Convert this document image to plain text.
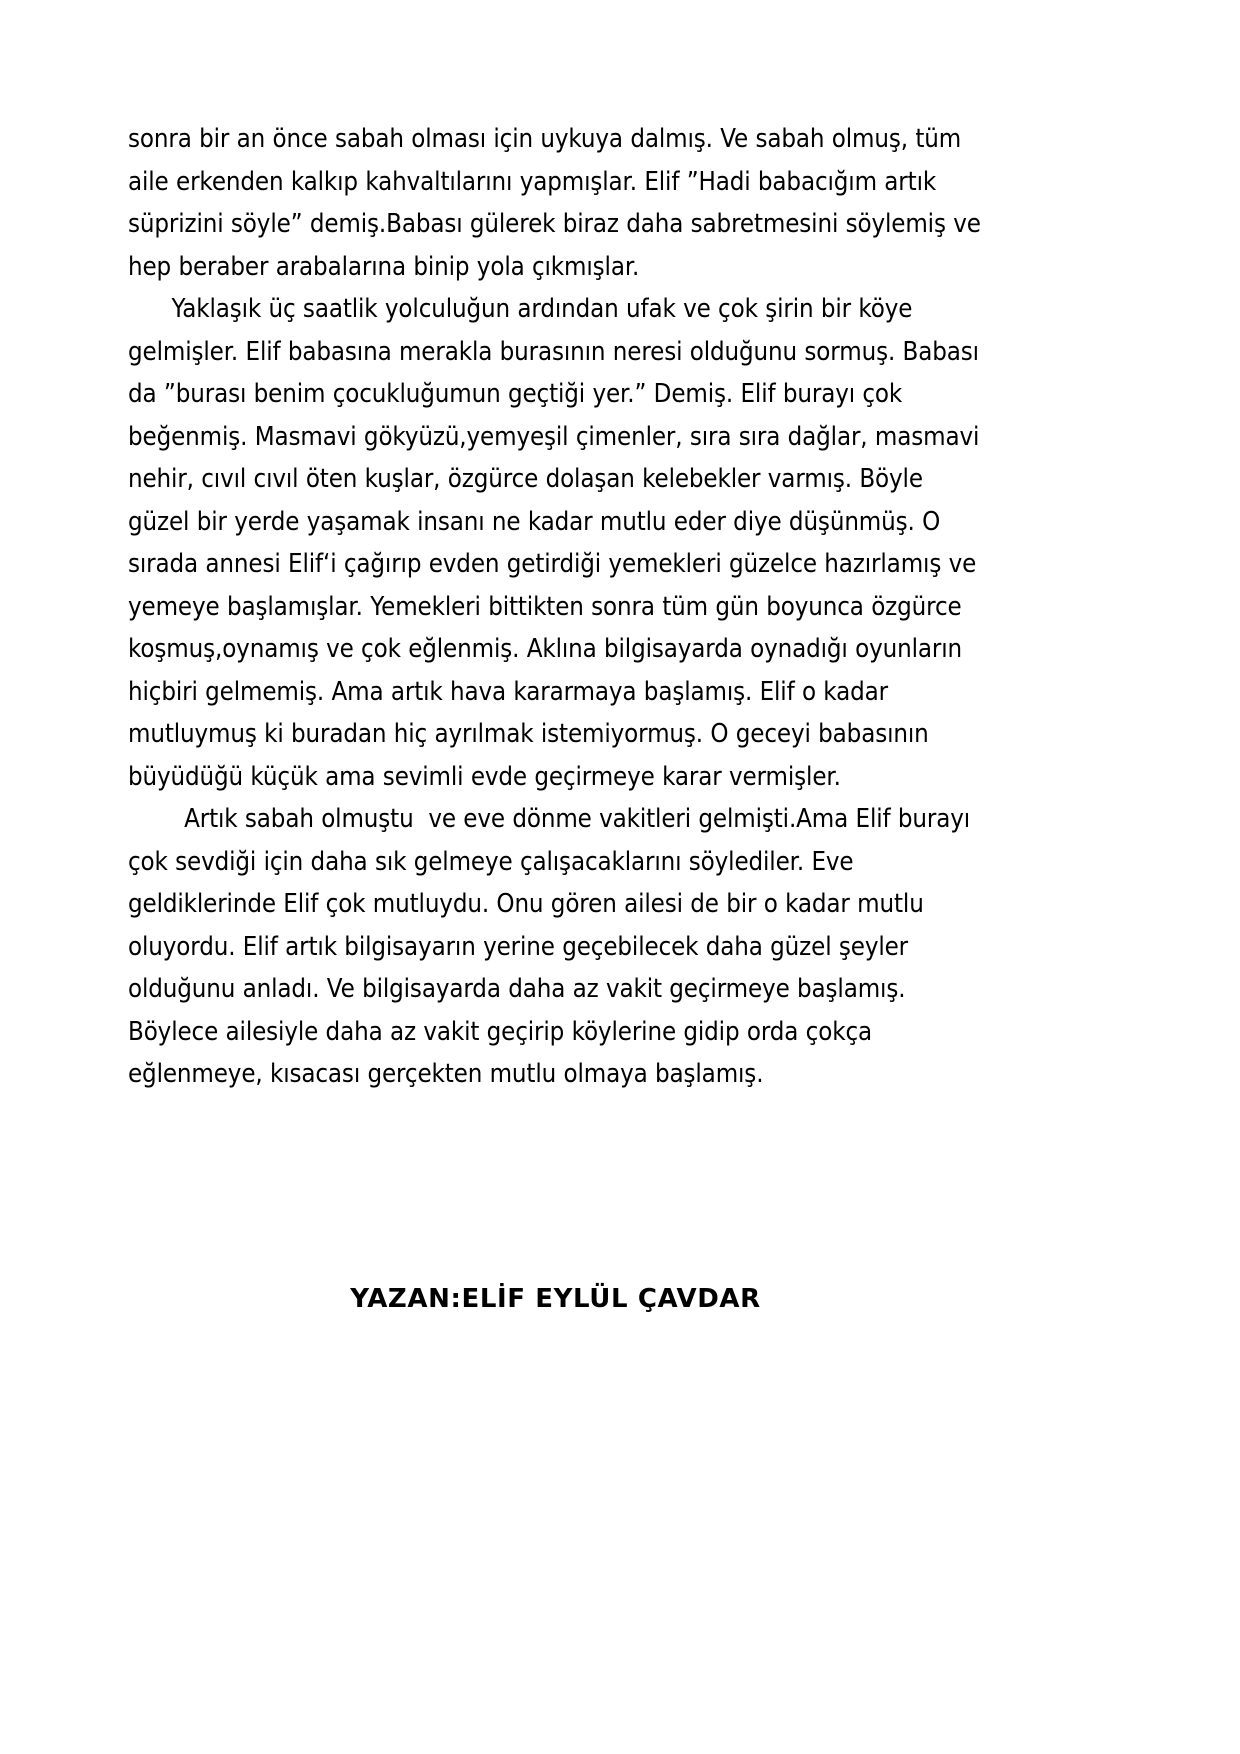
sonra bir an önce sabah olması için uykuya dalmış. Ve sabah olmuş, tüm aile erkenden kalkıp kahvaltılarını yapmışlar. Elif ”Hadi babacığım artık süprizini söyle” demiş.Babası gülerek biraz daha sabretmesini söylemiş ve hep beraber arabalarına binip yola çıkmışlar.

Yaklaşık üç saatlik yolculuğun ardından ufak ve çok şirin bir köye gelmişler. Elif babasına merakla burasının neresi olduğunu sormuş. Babası da ”burası benim çocukluğumun geçtiği yer.” Demiş. Elif burayı çok beğenmiş. Masmavi gökyüzü,yemyeşil çimenler, sıra sıra dağlar, masmavi nehir, cıvıl cıvıl öten kuşlar, özgürce dolaşan kelebekler varmış. Böyle güzel bir yerde yaşamak insanı ne kadar mutlu eder diye düşünmüş. O sırada annesi Elif‘i çağırıp evden getirdiği yemekleri güzelce hazırlamış ve yemeye başlamışlar. Yemekleri bittikten sonra tüm gün boyunca özgürce koşmuş,oynamış ve çok eğlenmiş. Aklına bilgisayarda oynadığı oyunların hiçbiri gelmemiş. Ama artık hava kararmaya başlamış. Elif o kadar mutluymuş ki buradan hiç ayrılmak istemiyormuş. O geceyi babasının büyüdüğü küçük ama sevimli evde geçirmeye karar vermişler.

Artık sabah olmuştu  ve eve dönme vakitleri gelmişti.Ama Elif burayı çok sevdiği için daha sık gelmeye çalışacaklarını söylediler. Eve geldiklerinde Elif çok mutluydu. Onu gören ailesi de bir o kadar mutlu oluyordu. Elif artık bilgisayarın yerine geçebilecek daha güzel şeyler olduğunu anladı. Ve bilgisayarda daha az vakit geçirmeye başlamış. Böylece ailesiyle daha az vakit geçirip köylerine gidip orda çokça eğlenmeye, kısacası gerçekten mutlu olmaya başlamış.

YAZAN:ELİF EYLÜL ÇAVDAR
